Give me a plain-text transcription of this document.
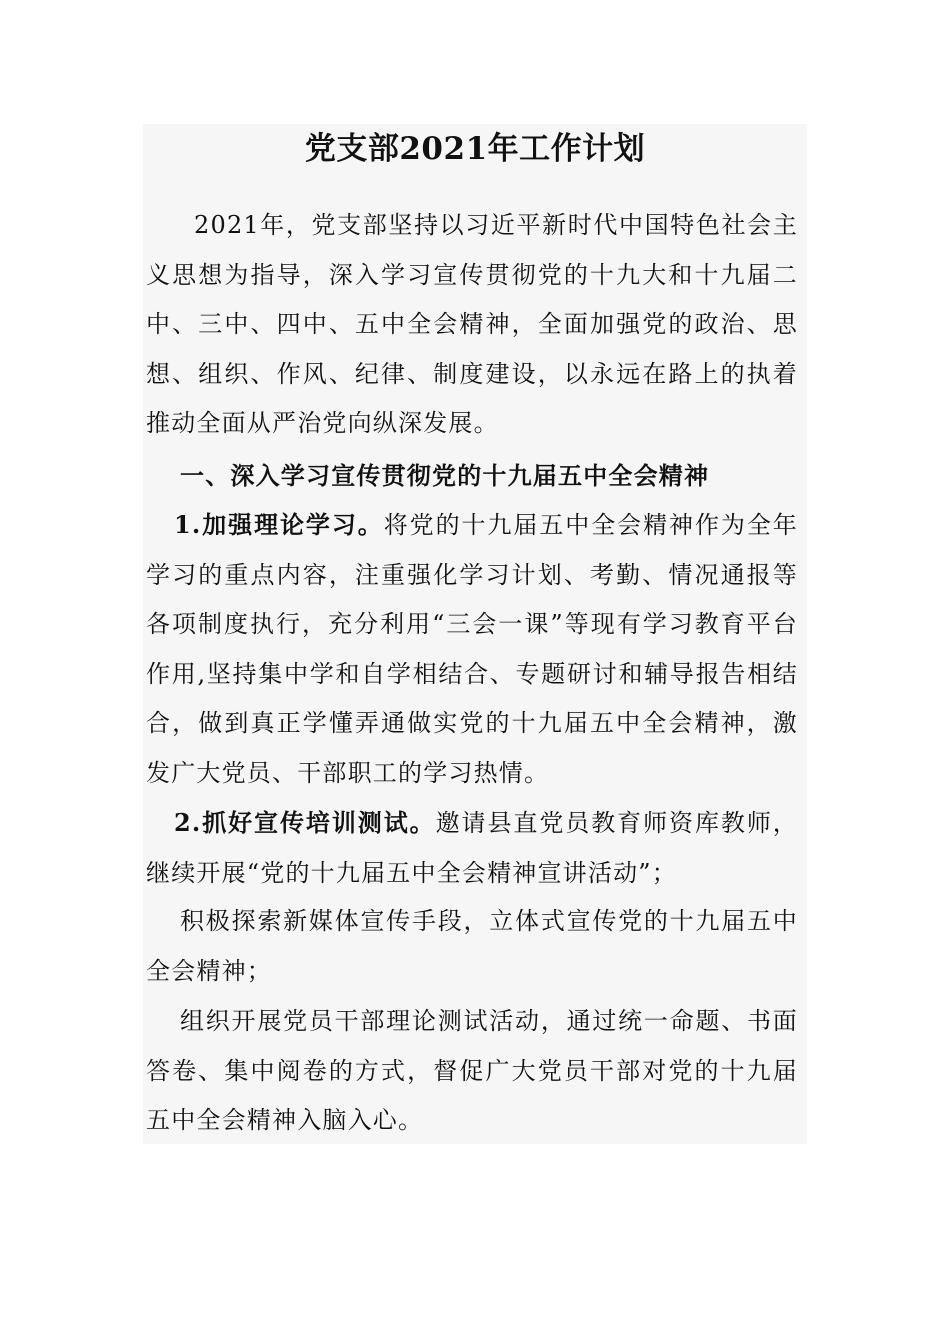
党支部2021年工作计划

2021年，党支部坚持以习近平新时代中国特色社会主义思想为指导，深入学习宣传贯彻党的十九大和十九届二中、三中、四中、五中全会精神，全面加强党的政治、思想、组织、作风、纪律、制度建设，以永远在路上的执着推动全面从严治党向纵深发展。

一、深入学习宣传贯彻党的十九届五中全会精神

1.加强理论学习。将党的十九届五中全会精神作为全年学习的重点内容，注重强化学习计划、考勤、情况通报等各项制度执行，充分利用“三会一课”等现有学习教育平台作用,坚持集中学和自学相结合、专题研讨和辅导报告相结合，做到真正学懂弄通做实党的十九届五中全会精神，激发广大党员、干部职工的学习热情。

2.抓好宣传培训测试。邀请县直党员教育师资库教师，继续开展“党的十九届五中全会精神宣讲活动”；

积极探索新媒体宣传手段，立体式宣传党的十九届五中全会精神；

组织开展党员干部理论测试活动，通过统一命题、书面答卷、集中阅卷的方式，督促广大党员干部对党的十九届五中全会精神入脑入心。
